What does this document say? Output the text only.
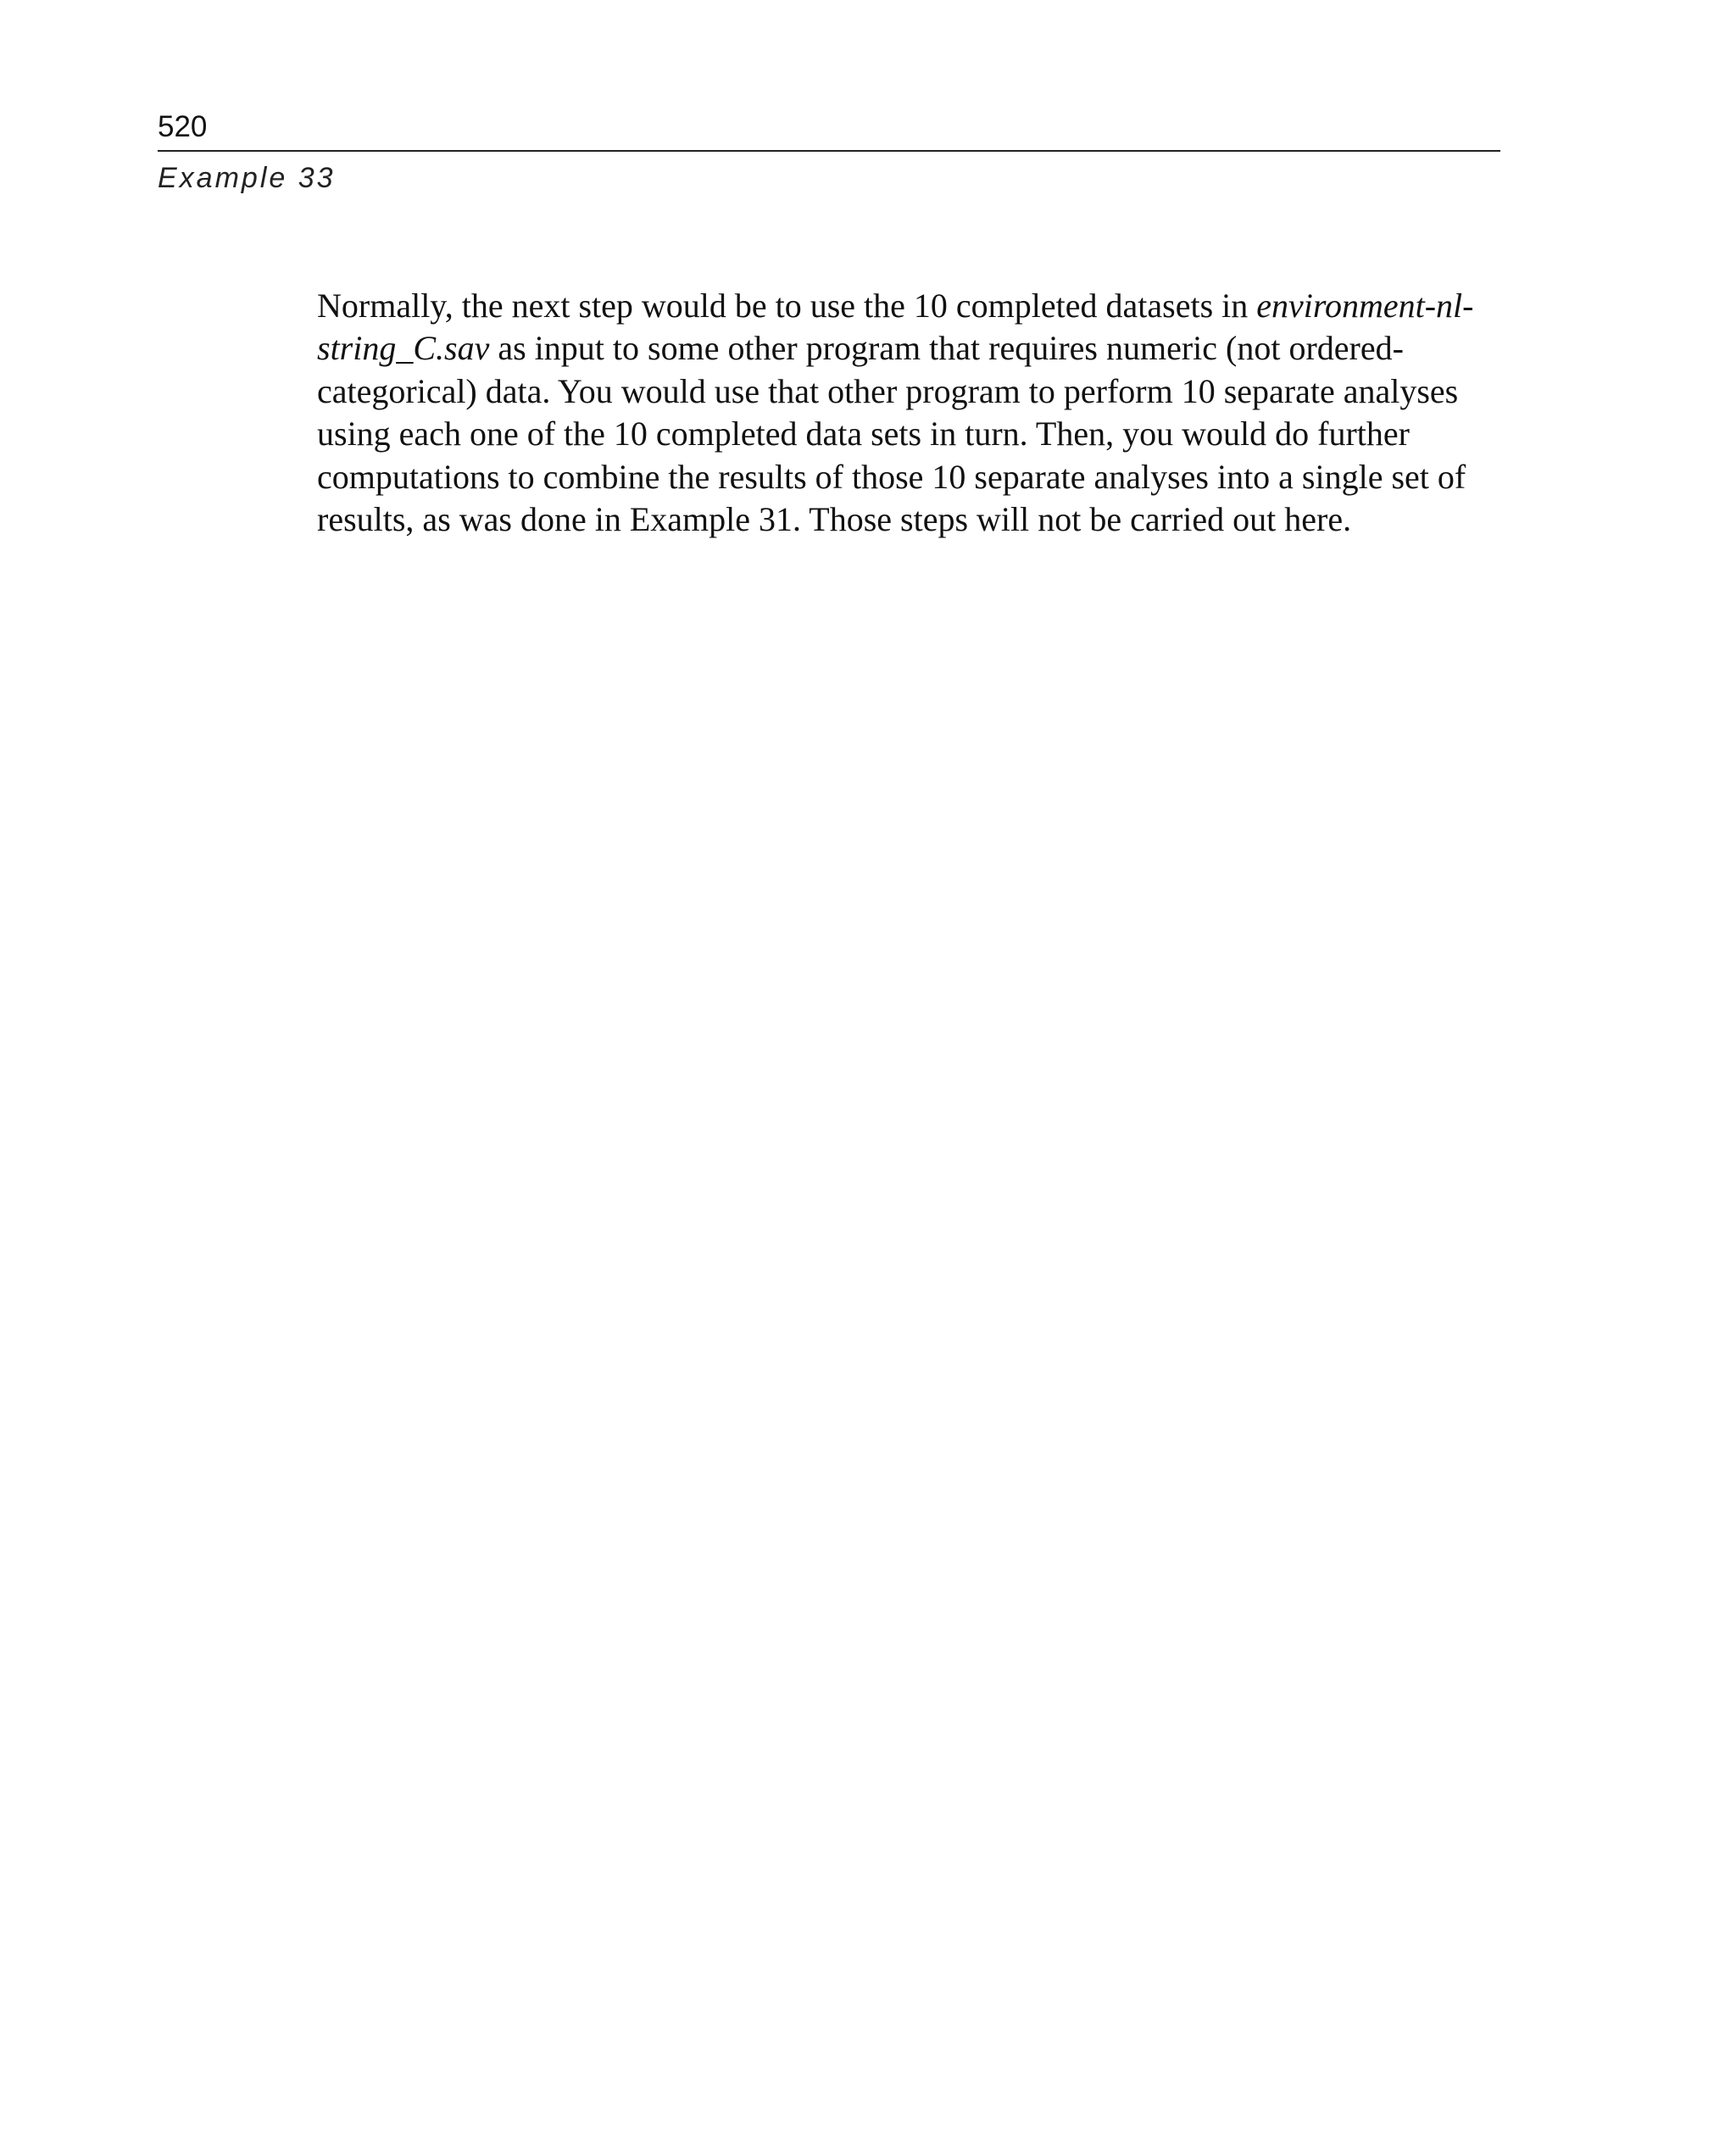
520
Example 33
Normally, the next step would be to use the 10 completed datasets in environment-nl-
string_C.sav as input to some other program that requires numeric (not ordered-
categorical) data. You would use that other program to perform 10 separate analyses
using each one of the 10 completed data sets in turn. Then, you would do further
computations to combine the results of those 10 separate analyses into a single set of
results, as was done in Example 31. Those steps will not be carried out here.
